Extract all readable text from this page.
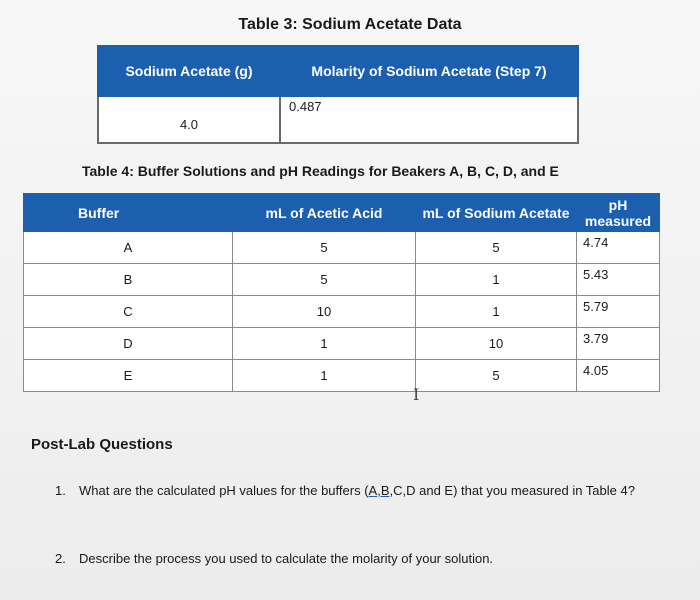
Table 3: Sodium Acetate Data
Sodium Acetate (g)	Molarity of Sodium Acetate (Step 7)
4.0	0.487
Table 4: Buffer Solutions and pH Readings for Beakers A, B, C, D, and E
Buffer	mL of Acetic Acid	mL of Sodium Acetate	pH measured
A	5	5	4.74
B	5	1	5.43
C	10	1	5.79
D	1	10	3.79
E	1	5	4.05
I
Post-Lab Questions
1. What are the calculated pH values for the buffers (A,B,C,D and E) that you measured in Table 4?
2. Describe the process you used to calculate the molarity of your solution.
